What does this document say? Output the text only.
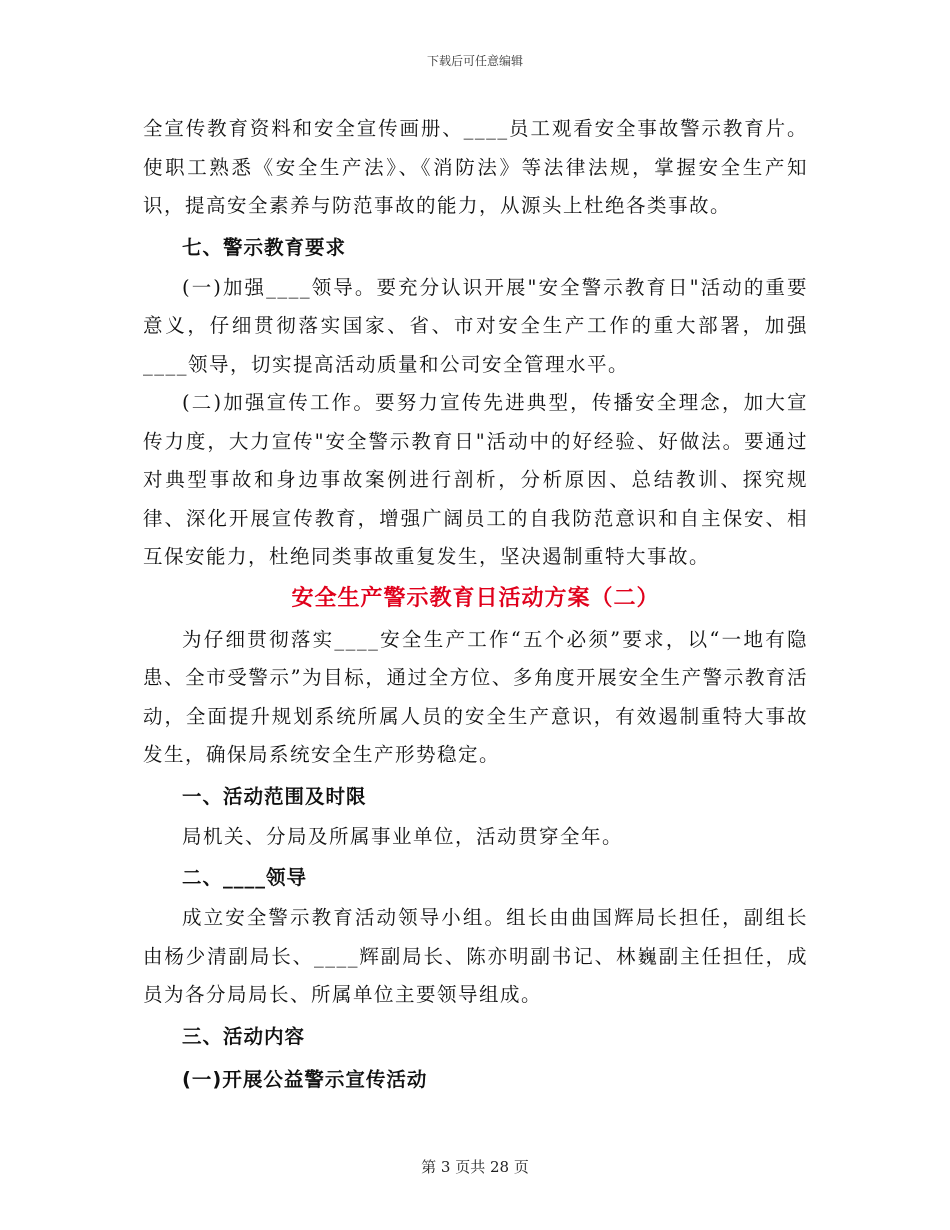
下载后可任意编辑

全宣传教育资料和安全宣传画册、____员工观看安全事故警示教育片。使职工熟悉《安全生产法》、《消防法》等法律法规，掌握安全生产知识，提高安全素养与防范事故的能力，从源头上杜绝各类事故。

七、警示教育要求

(一)加强____领导。要充分认识开展"安全警示教育日"活动的重要意义，仔细贯彻落实国家、省、市对安全生产工作的重大部署，加强____领导，切实提高活动质量和公司安全管理水平。

(二)加强宣传工作。要努力宣传先进典型，传播安全理念，加大宣传力度，大力宣传"安全警示教育日"活动中的好经验、好做法。要通过对典型事故和身边事故案例进行剖析，分析原因、总结教训、探究规律、深化开展宣传教育，增强广阔员工的自我防范意识和自主保安、相互保安能力，杜绝同类事故重复发生，坚决遏制重特大事故。

安全生产警示教育日活动方案（二）

为仔细贯彻落实____安全生产工作“五个必须”要求，以“一地有隐患、全市受警示”为目标，通过全方位、多角度开展安全生产警示教育活动，全面提升规划系统所属人员的安全生产意识，有效遏制重特大事故发生，确保局系统安全生产形势稳定。

一、活动范围及时限

局机关、分局及所属事业单位，活动贯穿全年。

二、____领导

成立安全警示教育活动领导小组。组长由曲国辉局长担任，副组长由杨少清副局长、____辉副局长、陈亦明副书记、林巍副主任担任，成员为各分局局长、所属单位主要领导组成。

三、活动内容

(一)开展公益警示宣传活动

第 3 页共 28 页
